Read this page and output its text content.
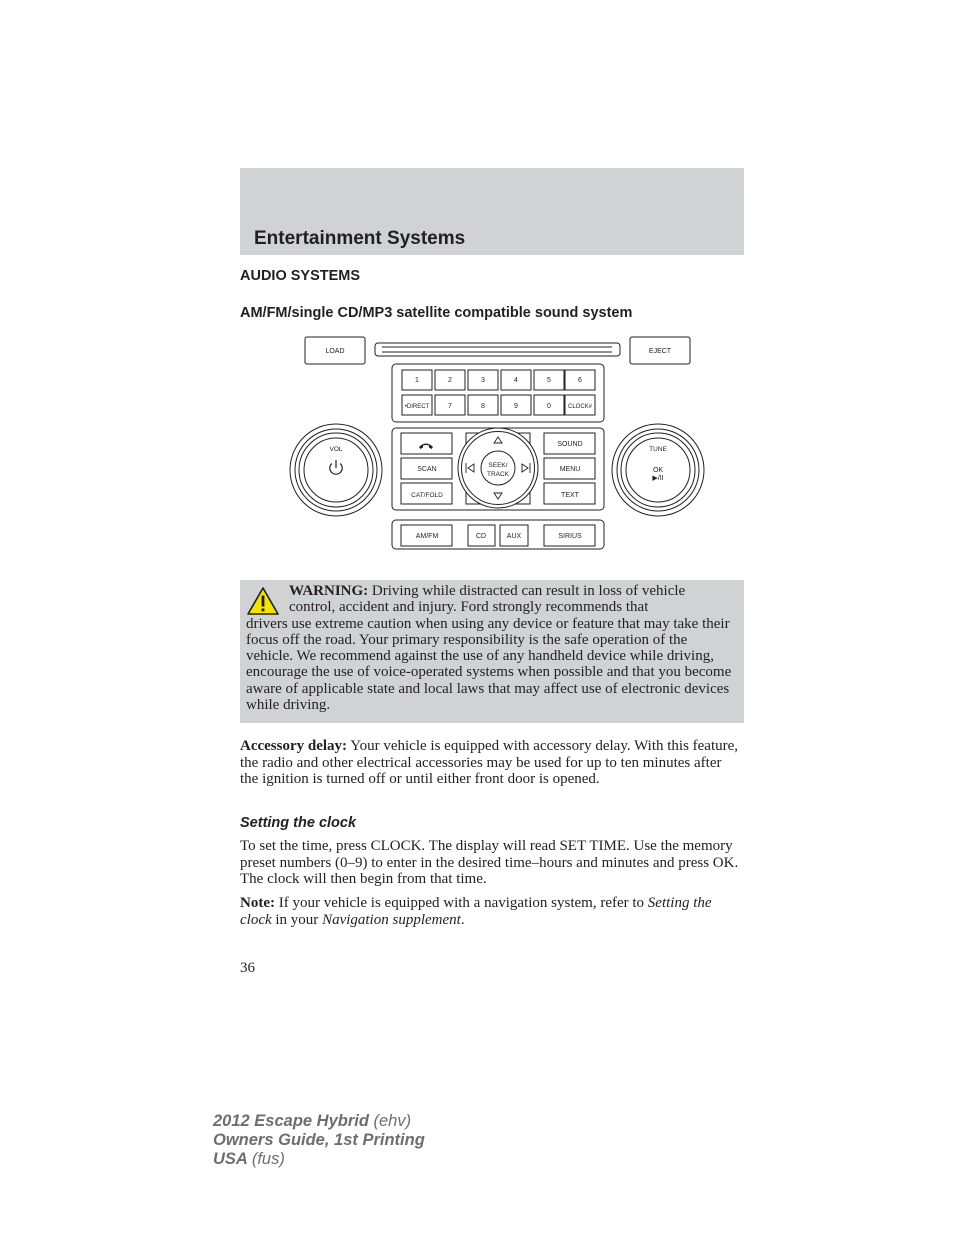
Entertainment Systems
AUDIO SYSTEMS
AM/FM/single CD/MP3 satellite compatible sound system
LOAD	EJECT
1	2	3	4	5	6
•DIRECT	7	8	9	0	CLOCK#
VOL	TUNE
OK
▶/II
SCAN
CAT/FOLD
SOUND
MENU
TEXT
SEEK/
TRACK
AM/FM	CD	AUX	SIRIUS
WARNING: Driving while distracted can result in loss of vehicle
control, accident and injury. Ford strongly recommends that
drivers use extreme caution when using any device or feature that may take their focus off the road. Your primary responsibility is the safe operation of the vehicle. We recommend against the use of any handheld device while driving, encourage the use of voice-operated systems when possible and that you become aware of applicable state and local laws that may affect use of electronic devices while driving.

Accessory delay: Your vehicle is equipped with accessory delay. With this feature, the radio and other electrical accessories may be used for up to ten minutes after the ignition is turned off or until either front door is opened.

Setting the clock

To set the time, press CLOCK. The display will read SET TIME. Use the memory preset numbers (0–9) to enter in the desired time–hours and minutes and press OK. The clock will then begin from that time.

Note: If your vehicle is equipped with a navigation system, refer to Setting the clock in your Navigation supplement.

36
2012 Escape Hybrid (ehv)
Owners Guide, 1st Printing
USA (fus)
